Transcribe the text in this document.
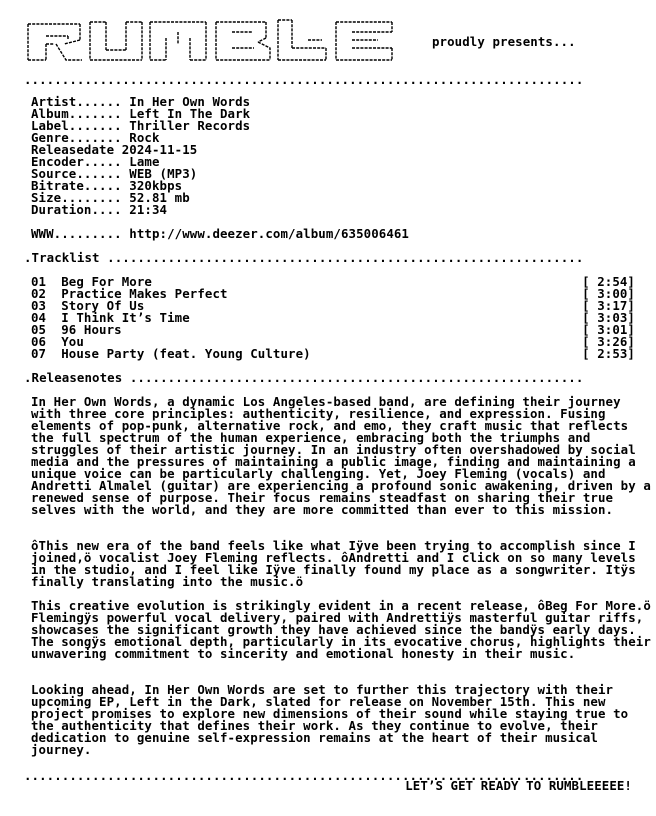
proudly presents...
..........................................................................
Artist...... In Her Own Words
Album....... Left In The Dark
Label....... Thriller Records
Genre....... Rock
Releasedate 2024-11-15
Encoder..... Lame
Source...... WEB (MP3)
Bitrate..... 320kbps
Size........ 52.81 mb
Duration.... 21:34
WWW......... http://www.deezer.com/album/635006461
.Tracklist ...............................................................
01 Beg For More	[ 2:54]
02 Practice Makes Perfect	[ 3:00]
03 Story Of Us	[ 3:17]
04 I Think It’s Time	[ 3:03]
05 96 Hours	[ 3:01]
06 You	[ 3:26]
07 House Party (feat. Young Culture)	[ 2:53]
.Releasenotes ............................................................
In Her Own Words, a dynamic Los Angeles-based band, are defining their journey with three core principles: authenticity, resilience, and expression. Fusing elements of pop-punk, alternative rock, and emo, they craft music that reflects the full spectrum of the human experience, embracing both the triumphs and struggles of their artistic journey. In an industry often overshadowed by social media and the pressures of maintaining a public image, finding and maintaining a unique voice can be particularly challenging. Yet, Joey Fleming (vocals) and Andretti Almalel (guitar) are experiencing a profound sonic awakening, driven by a renewed sense of purpose. Their focus remains steadfast on sharing their true selves with the world, and they are more committed than ever to this mission.
ôThis new era of the band feels like what Iÿve been trying to accomplish since I joined,ö vocalist Joey Fleming reflects. ôAndretti and I click on so many levels in the studio, and I feel like Iÿve finally found my place as a songwriter. Itÿs finally translating into the music.ö
This creative evolution is strikingly evident in a recent release, ôBeg For More.ö Flemingÿs powerful vocal delivery, paired with Andrettiÿs masterful guitar riffs, showcases the significant growth they have achieved since the bandÿs early days. The songÿs emotional depth, particularly in its evocative chorus, highlights their unwavering commitment to sincerity and emotional honesty in their music.
Looking ahead, In Her Own Words are set to further this trajectory with their upcoming EP, Left in the Dark, slated for release on November 15th. This new project promises to explore new dimensions of their sound while staying true to the authenticity that defines their work. As they continue to evolve, their dedication to genuine self-expression remains at the heart of their musical journey.
..........................................................................
LET’S GET READY TO RUMBLEEEEE!
